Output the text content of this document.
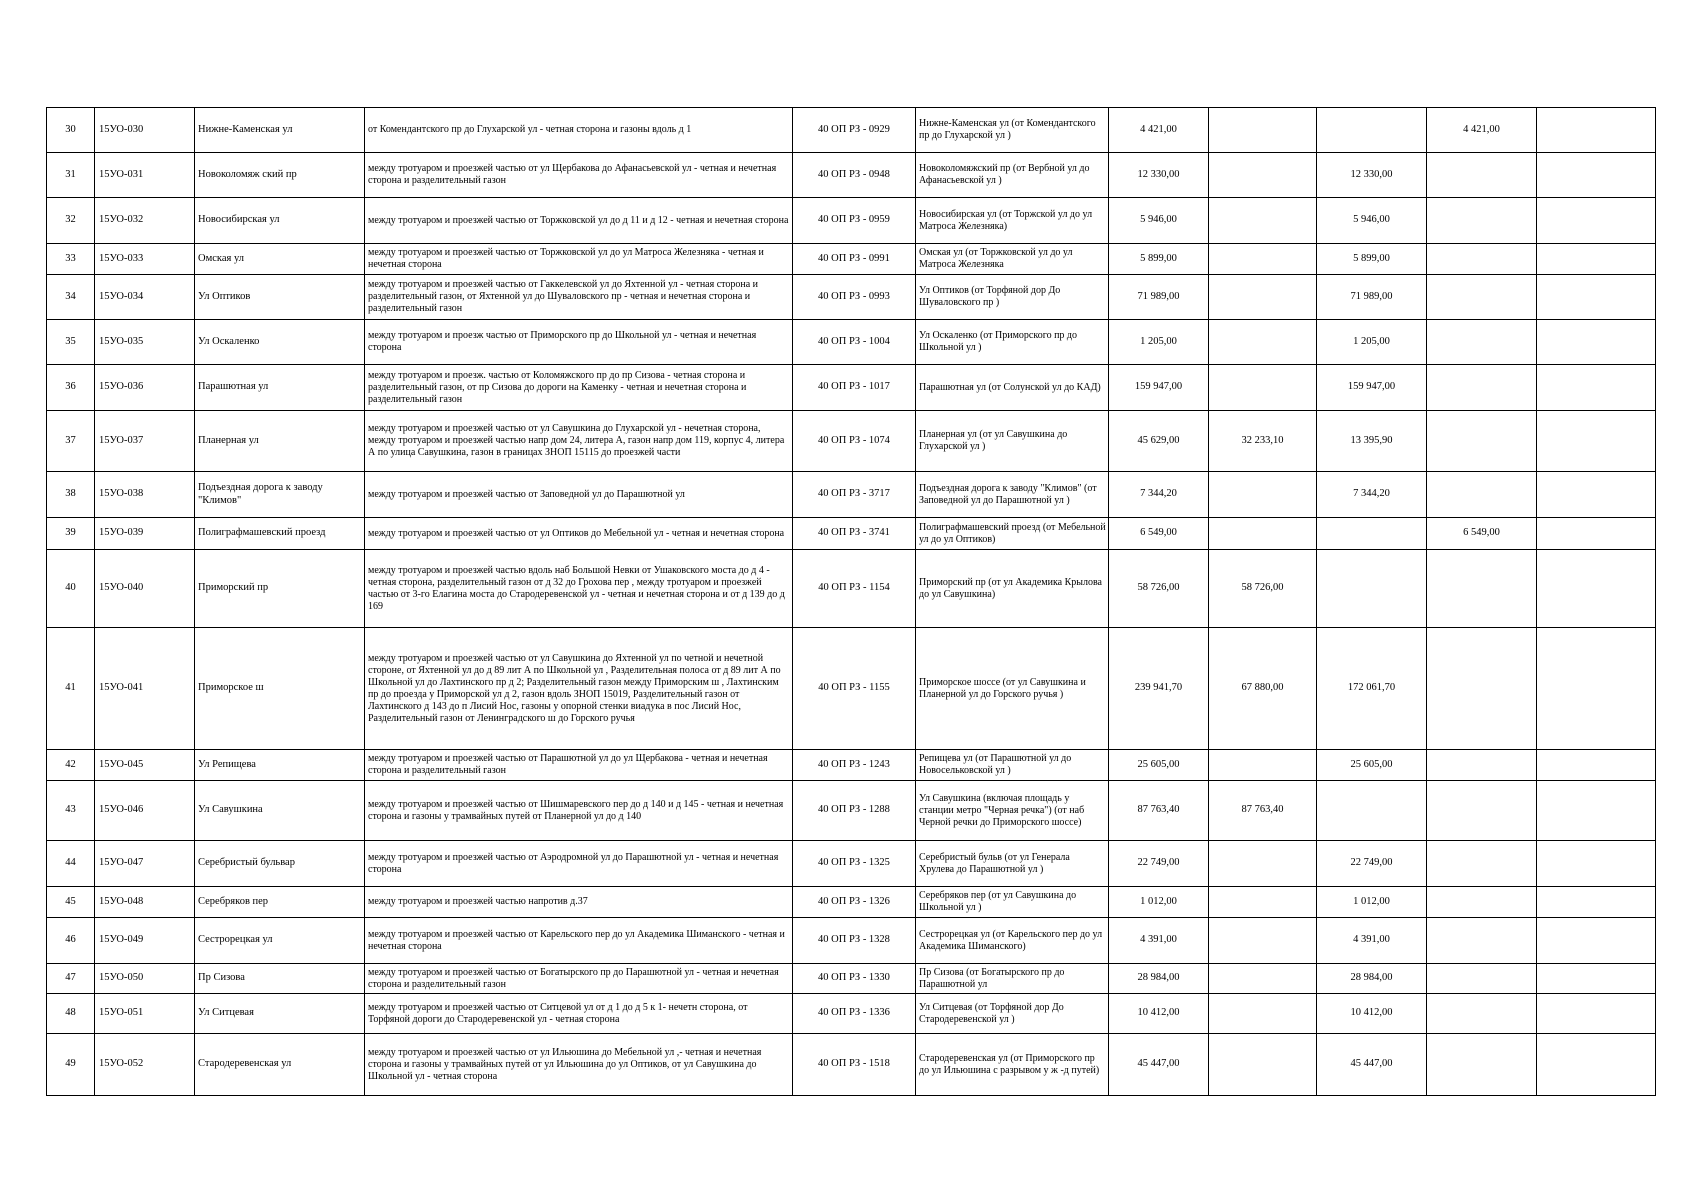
30	15УО-030	Нижне-Каменская ул	от Комендантского пр до Глухарской ул - четная сторона и газоны вдоль д 1	40 ОП РЗ - 0929	Нижне-Каменская ул (от Комендантского пр до Глухарской ул )	4 421,00			4 421,00	
31	15УО-031	Новоколомяж ский пр	между тротуаром и проезжей частью от ул Щербакова до Афанасьевской ул - четная и нечетная сторона и разделительный газон	40 ОП РЗ - 0948	Новоколомяжский пр (от Вербной ул до Афанасьевской ул )	12 330,00		12 330,00		
32	15УО-032	Новосибирская ул	между тротуаром и проезжей частью от Торжковской ул до д 11 и д 12 - четная и нечетная сторона	40 ОП РЗ - 0959	Новосибирская ул (от Торжской ул до ул Матроса Железняка)	5 946,00		5 946,00		
33	15УО-033	Омская ул	между тротуаром и проезжей частью от Торжковской ул до ул Матроса Железняка - четная и нечетная сторона	40 ОП РЗ - 0991	Омская ул (от Торжковской ул до ул Матроса Железняка	5 899,00		5 899,00		
34	15УО-034	Ул Оптиков	между тротуаром и проезжей частью от Гаккелевской ул до Яхтенной ул - четная сторона и разделительный газон, от Яхтенной ул до Шуваловского пр - четная и нечетная сторона и разделительный газон	40 ОП РЗ - 0993	Ул Оптиков (от Торфяной дор До Шуваловского пр )	71 989,00		71 989,00		
35	15УО-035	Ул Оскаленко	между тротуаром и проезж частью от Приморского пр до Школьной ул - четная и нечетная сторона	40 ОП РЗ - 1004	Ул Оскаленко (от Приморского пр до Школьной ул )	1 205,00		1 205,00		
36	15УО-036	Парашютная ул	между тротуаром и проезж. частью от Коломяжского пр до пр Сизова - четная сторона и разделительный газон, от пр Сизова до дороги на Каменку - четная и нечетная сторона и разделительный газон	40 ОП РЗ - 1017	Парашютная ул (от Солунской ул до КАД)	159 947,00		159 947,00		
37	15УО-037	Планерная ул	между тротуаром и проезжей частью от ул Савушкина до Глухарской ул - нечетная сторона, между тротуаром и проезжей частью напр дом 24, литера А, газон напр дом 119, корпус 4, литера А по улица Савушкина, газон в границах ЗНОП 15115 до проезжей части	40 ОП РЗ - 1074	Планерная ул (от ул Савушкина до Глухарской ул )	45 629,00	32 233,10	13 395,90		
38	15УО-038	Подъездная дорога к заводу "Климов"	между тротуаром и проезжей частью от Заповедной ул до Парашютной ул	40 ОП РЗ - 3717	Подъездная дорога к заводу "Климов" (от Заповедной ул до Парашютной ул )	7 344,20		7 344,20		
39	15УО-039	Полиграфмашевский проезд	между тротуаром и проезжей частью от ул Оптиков до Мебельной ул - четная и нечетная сторона	40 ОП РЗ - 3741	Полиграфмашевский проезд (от Мебельной ул до ул Оптиков)	6 549,00			6 549,00	
40	15УО-040	Приморский пр	между тротуаром и проезжей частью вдоль наб Большой Невки от Ушаковского моста до д 4 - четная сторона, разделительный газон от д 32 до Грохова пер , между тротуаром и проезжей частью от 3-го Елагина моста до Стародеревенской ул - четная и нечетная сторона и от д 139 до д 169	40 ОП РЗ - 1154	Приморский пр (от ул Академика Крылова до ул Савушкина)	58 726,00	58 726,00			
41	15УО-041	Приморское ш	между тротуаром и проезжей частью от ул Савушкина до Яхтенной ул по четной и нечетной стороне, от Яхтенной ул до д 89 лит А по Школьной ул , Разделительная полоса от д 89 лит А по Школьной ул до Лахтинского пр д 2; Разделительный газон между Приморским ш , Лахтинским пр до проезда у Приморской ул д 2, газон вдоль ЗНОП 15019, Разделительный газон от Лахтинского д 143 до п Лисий Нос, газоны у опорной стенки виадука в пос Лисий Нос, Разделительный газон от Ленинградского ш до Горского ручья	40 ОП РЗ - 1155	Приморское шоссе (от ул Савушкина и Планерной ул до Горского ручья )	239 941,70	67 880,00	172 061,70		
42	15УО-045	Ул Репищева	между тротуаром и проезжей частью от Парашютной ул до ул Щербакова - четная и нечетная сторона и разделительный газон	40 ОП РЗ - 1243	Репищева ул (от Парашютной ул до Новосельковской ул )	25 605,00		25 605,00		
43	15УО-046	Ул Савушкина	между тротуаром и проезжей частью от Шишмаревского пер до д 140 и д 145 - четная и нечетная сторона и газоны у трамвайных путей от Планерной ул до д 140	40 ОП РЗ - 1288	Ул Савушкина (включая площадь у станции метро "Черная речка") (от наб Черной речки до Приморского шоссе)	87 763,40	87 763,40			
44	15УО-047	Серебристый бульвар	между тротуаром и проезжей частью от Аэродромной ул до Парашютной ул - четная и нечетная сторона	40 ОП РЗ - 1325	Серебристый бульв (от ул Генерала Хрулева до Парашютной ул )	22 749,00		22 749,00		
45	15УО-048	Серебряков пер	между тротуаром и проезжей частью напротив д.37	40 ОП РЗ - 1326	Серебряков пер (от ул Савушкина до Школьной ул )	1 012,00		1 012,00		
46	15УО-049	Сестрорецкая ул	между тротуаром и проезжей частью от Карельского пер до ул Академика Шиманского - четная и нечетная сторона	40 ОП РЗ - 1328	Сестрорецкая ул (от Карельского пер до ул Академика Шиманского)	4 391,00		4 391,00		
47	15УО-050	Пр Сизова	между тротуаром и проезжей частью от Богатырского пр до Парашютной ул - четная и нечетная сторона и разделительный газон	40 ОП РЗ - 1330	Пр Сизова (от Богатырского пр до Парашютной ул	28 984,00		28 984,00		
48	15УО-051	Ул Ситцевая	между тротуаром и проезжей частью от Ситцевой ул от д 1 до д 5 к 1- нечетн сторона, от Торфяной дороги до Стародеревенской ул - четная сторона	40 ОП РЗ - 1336	Ул Ситцевая (от Торфяной дор До Стародеревенской ул )	10 412,00		10 412,00		
49	15УО-052	Стародеревенская ул	между тротуаром и проезжей частью от ул Ильюшина до Мебельной ул ,- четная и нечетная сторона и газоны у трамвайных путей от ул Ильюшина до ул Оптиков, от ул Савушкина до Школьной ул - четная сторона	40 ОП РЗ - 1518	Стародеревенская ул (от Приморского пр до ул Ильюшина с разрывом у ж -д путей)	45 447,00		45 447,00		
